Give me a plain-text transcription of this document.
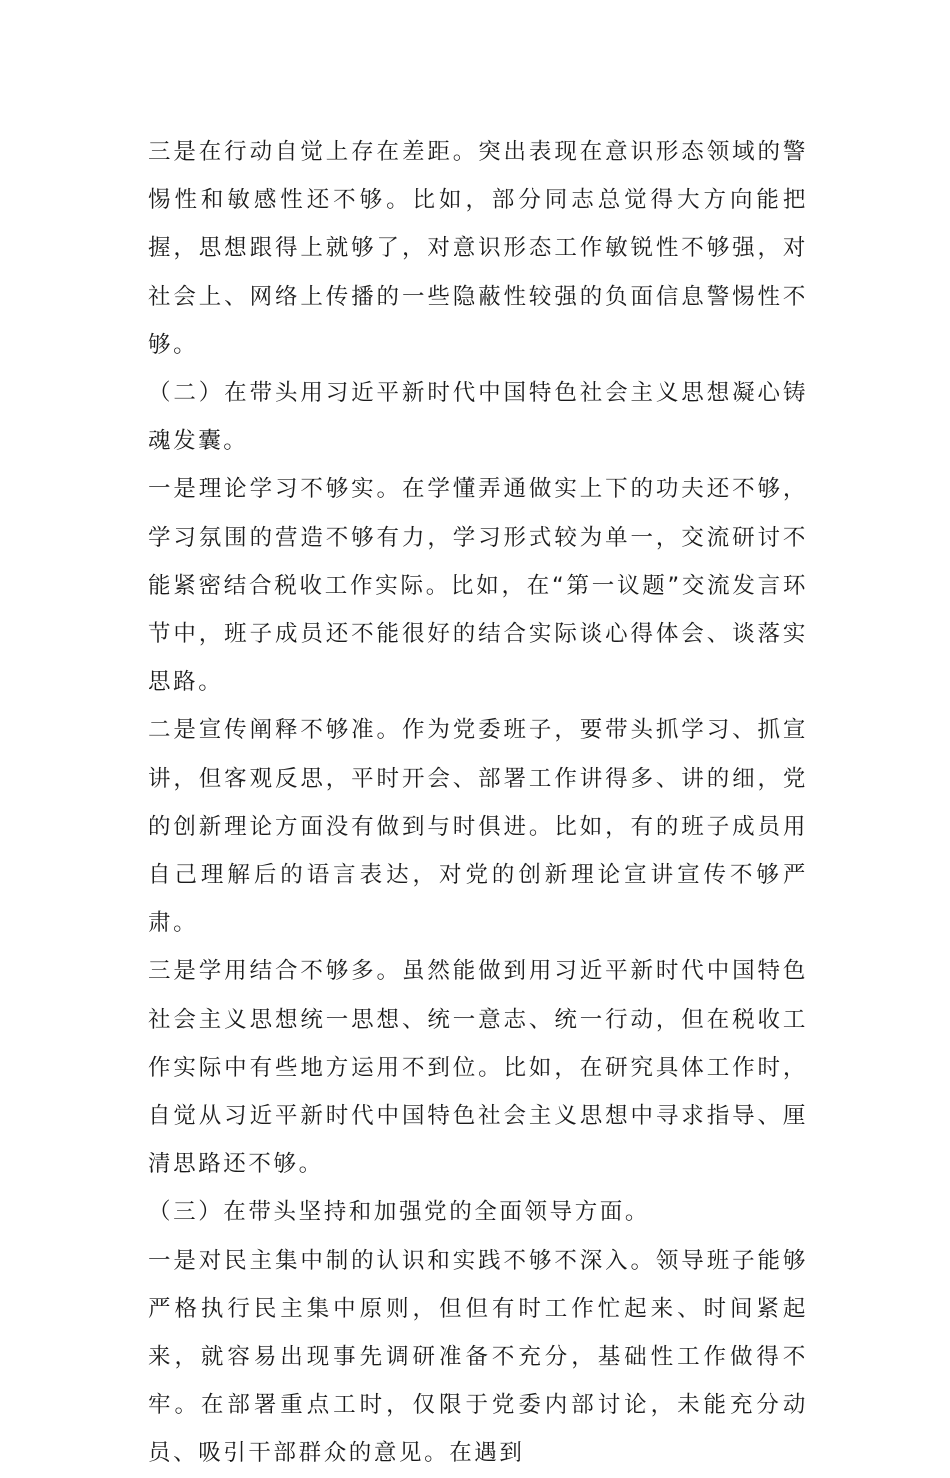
三是在行动自觉上存在差距。突出表现在意识形态领域的警惕性和敏感性还不够。比如，部分同志总觉得大方向能把握，思想跟得上就够了，对意识形态工作敏锐性不够强，对社会上、网络上传播的一些隐蔽性较强的负面信息警惕性不够。

（二）在带头用习近平新时代中国特色社会主义思想凝心铸魂发囊。

一是理论学习不够实。在学懂弄通做实上下的功夫还不够，学习氛围的营造不够有力，学习形式较为单一，交流研讨不能紧密结合税收工作实际。比如，在“第一议题”交流发言环节中，班子成员还不能很好的结合实际谈心得体会、谈落实思路。

二是宣传阐释不够准。作为党委班子，要带头抓学习、抓宣讲，但客观反思，平时开会、部署工作讲得多、讲的细，党的创新理论方面没有做到与时俱进。比如，有的班子成员用自己理解后的语言表达，对党的创新理论宣讲宣传不够严肃。

三是学用结合不够多。虽然能做到用习近平新时代中国特色社会主义思想统一思想、统一意志、统一行动，但在税收工作实际中有些地方运用不到位。比如，在研究具体工作时，自觉从习近平新时代中国特色社会主义思想中寻求指导、厘清思路还不够。

（三）在带头坚持和加强党的全面领导方面。

一是对民主集中制的认识和实践不够不深入。领导班子能够严格执行民主集中原则，但但有时工作忙起来、时间紧起来，就容易出现事先调研准备不充分，基础性工作做得不牢。在部署重点工时，仅限于党委内部讨论，未能充分动员、吸引干部群众的意见。在遇到
